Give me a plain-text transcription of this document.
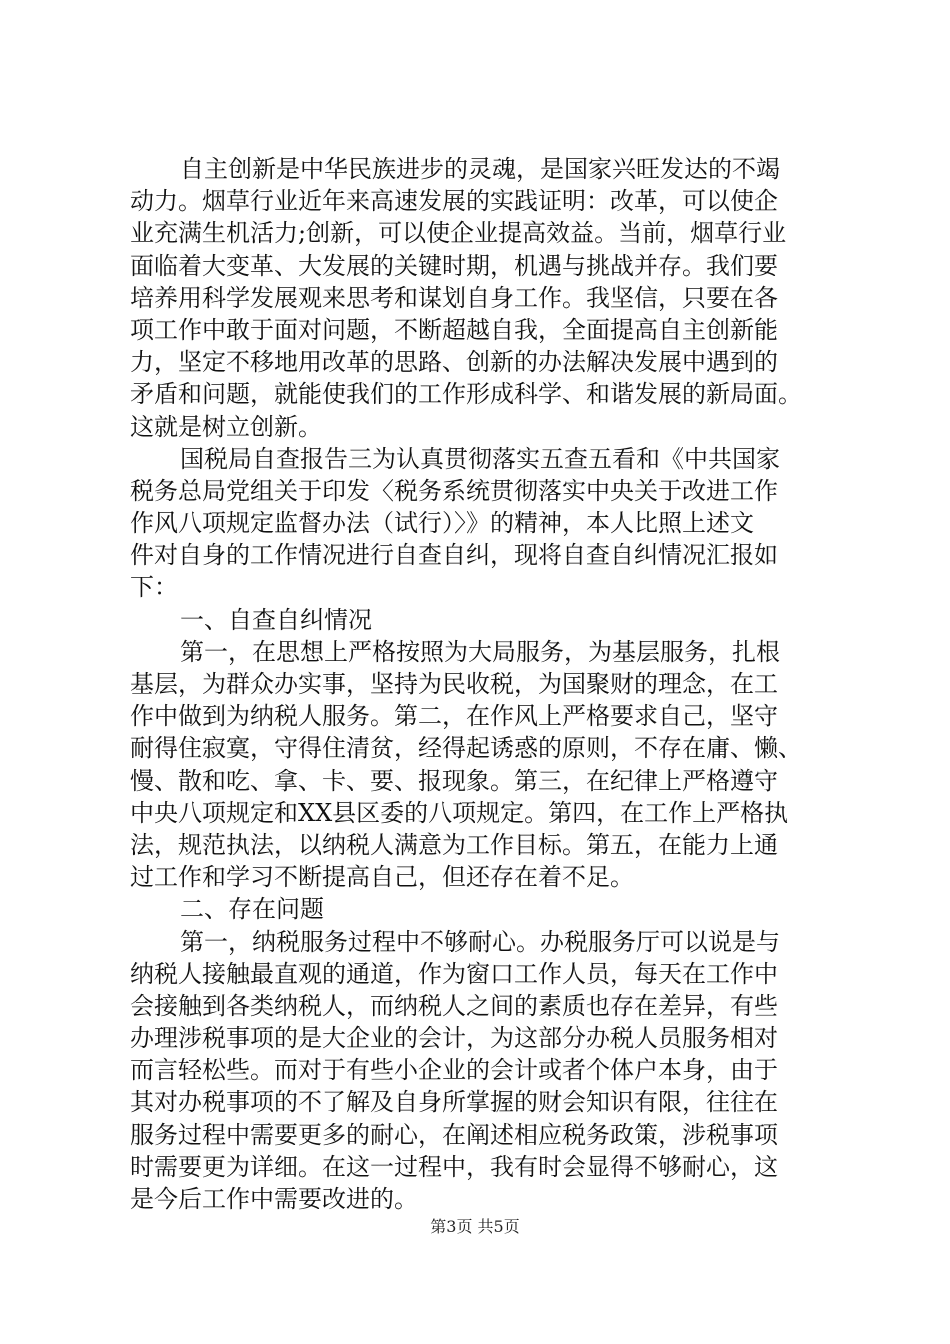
自主创新是中华民族进步的灵魂，是国家兴旺发达的不竭
动力。烟草行业近年来高速发展的实践证明：改革，可以使企
业充满生机活力;创新，可以使企业提高效益。当前，烟草行业
面临着大变革、大发展的关键时期，机遇与挑战并存。我们要
培养用科学发展观来思考和谋划自身工作。我坚信，只要在各
项工作中敢于面对问题，不断超越自我，全面提高自主创新能
力，坚定不移地用改革的思路、创新的办法解决发展中遇到的
矛盾和问题，就能使我们的工作形成科学、和谐发展的新局面。
这就是树立创新。
国税局自查报告三为认真贯彻落实五查五看和《中共国家
税务总局党组关于印发〈税务系统贯彻落实中央关于改进工作
作风八项规定监督办法（试行）〉》的精神，本人比照上述文
件对自身的工作情况进行自查自纠，现将自查自纠情况汇报如
下：
一、自查自纠情况
第一，在思想上严格按照为大局服务，为基层服务，扎根
基层，为群众办实事，坚持为民收税，为国聚财的理念，在工
作中做到为纳税人服务。第二，在作风上严格要求自己，坚守
耐得住寂寞，守得住清贫，经得起诱惑的原则，不存在庸、懒、
慢、散和吃、拿、卡、要、报现象。第三，在纪律上严格遵守
中央八项规定和XX县区委的八项规定。第四，在工作上严格执
法，规范执法，以纳税人满意为工作目标。第五，在能力上通
过工作和学习不断提高自己，但还存在着不足。
二、存在问题
第一，纳税服务过程中不够耐心。办税服务厅可以说是与
纳税人接触最直观的通道，作为窗口工作人员，每天在工作中
会接触到各类纳税人，而纳税人之间的素质也存在差异，有些
办理涉税事项的是大企业的会计，为这部分办税人员服务相对
而言轻松些。而对于有些小企业的会计或者个体户本身，由于
其对办税事项的不了解及自身所掌握的财会知识有限，往往在
服务过程中需要更多的耐心，在阐述相应税务政策，涉税事项
时需要更为详细。在这一过程中，我有时会显得不够耐心，这
是今后工作中需要改进的。
第3页 共5页
